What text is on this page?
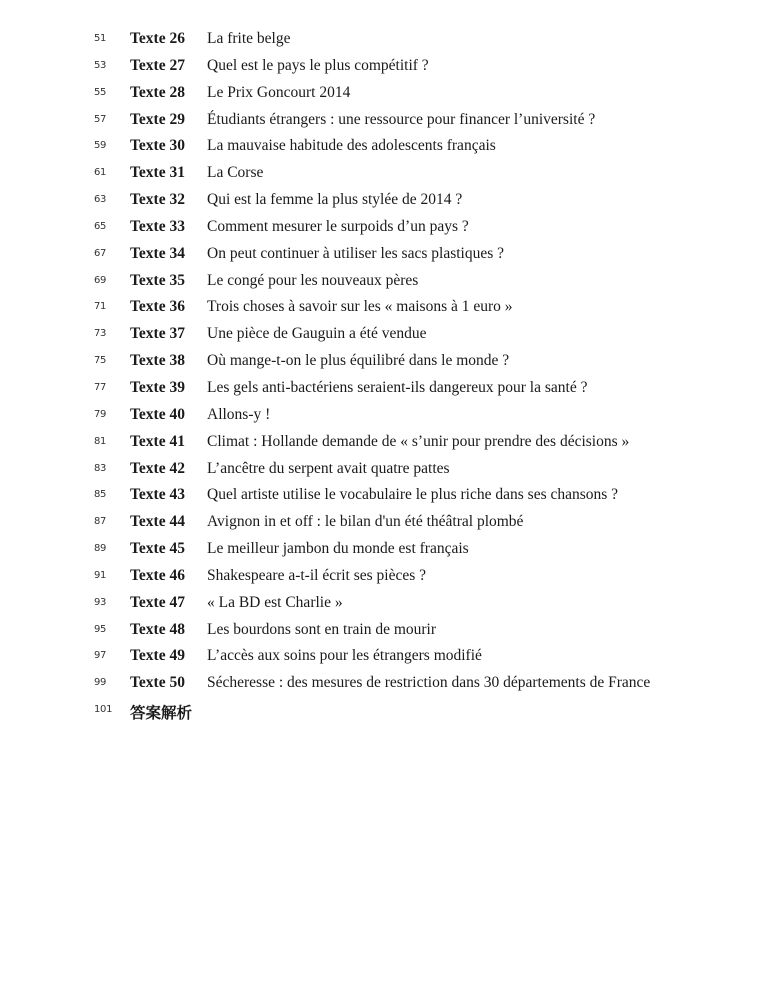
51	Texte 26 La frite belge
53	Texte 27 Quel est le pays le plus compétitif ?
55	Texte 28 Le Prix Goncourt 2014
57	Texte 29 Étudiants étrangers : une ressource pour financer l’université ?
59	Texte 30 La mauvaise habitude des adolescents français
61	Texte 31 La Corse
63	Texte 32 Qui est la femme la plus stylée de 2014 ?
65	Texte 33 Comment mesurer le surpoids d’un pays ?
67	Texte 34 On peut continuer à utiliser les sacs plastiques ?
69	Texte 35 Le congé pour les nouveaux pères
71	Texte 36 Trois choses à savoir sur les « maisons à 1 euro »
73	Texte 37 Une pièce de Gauguin a été vendue
75	Texte 38 Où mange-t-on le plus équilibré dans le monde ?
77	Texte 39 Les gels anti-bactériens seraient-ils dangereux pour la santé ?
79	Texte 40 Allons-y !
81	Texte 41 Climat : Hollande demande de « s’unir pour prendre des décisions »
83	Texte 42 L’ancêtre du serpent avait quatre pattes
85	Texte 43 Quel artiste utilise le vocabulaire le plus riche dans ses chansons ?
87	Texte 44 Avignon in et off : le bilan d'un été théâtral plombé
89	Texte 45 Le meilleur jambon du monde est français
91	Texte 46 Shakespeare a-t-il écrit ses pièces ?
93	Texte 47 « La BD est Charlie »
95	Texte 48 Les bourdons sont en train de mourir
97	Texte 49 L’accès aux soins pour les étrangers modifié
99	Texte 50 Sécheresse : des mesures de restriction dans 30 départements de France
101	答案解析
